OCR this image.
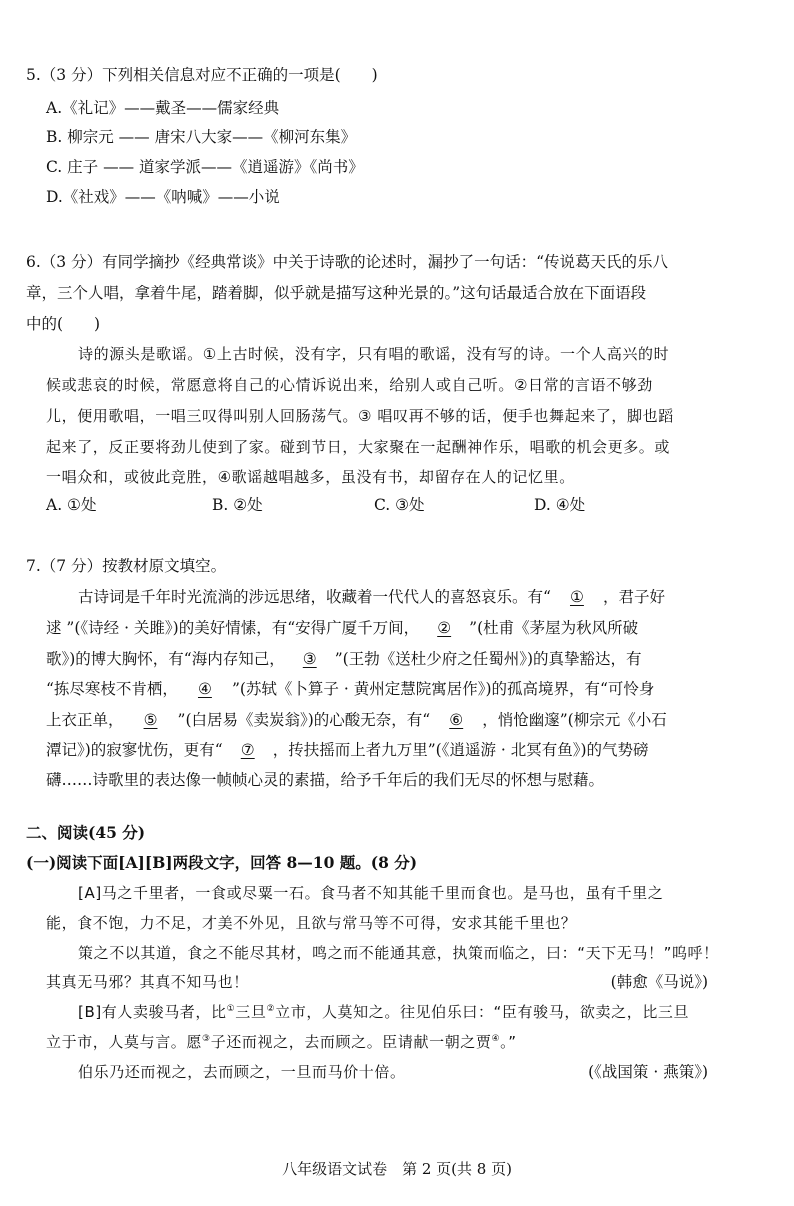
5.（3 分）下列相关信息对应不正确的一项是(　　)
A.《礼记》——戴圣——儒家经典
B. 柳宗元 —— 唐宋八大家——《柳河东集》
C. 庄子 —— 道家学派——《逍遥游》《尚书》
D.《社戏》——《呐喊》——小说
6.（3 分）有同学摘抄《经典常谈》中关于诗歌的论述时，漏抄了一句话：“传说葛天氏的乐八
章，三个人唱，拿着牛尾，踏着脚，似乎就是描写这种光景的。”这句话最适合放在下面语段
中的(　　)
诗的源头是歌谣。①上古时候，没有字，只有唱的歌谣，没有写的诗。一个人高兴的时
候或悲哀的时候，常愿意将自己的心情诉说出来，给别人或自己听。②日常的言语不够劲
儿，便用歌唱，一唱三叹得叫别人回肠荡气。③ 唱叹再不够的话，便手也舞起来了，脚也蹈
起来了，反正要将劲儿使到了家。碰到节日，大家聚在一起酬神作乐，唱歌的机会更多。或
一唱众和，或彼此竞胜，④歌谣越唱越多，虽没有书，却留存在人的记忆里。
A. ①处	B. ②处	C. ③处	D. ④处
7.（7 分）按教材原文填空。
古诗词是千年时光流淌的涉远思绪，收藏着一代代人的喜怒哀乐。有“ ① ，君子好
逑 ”(《诗经 · 关雎》)的美好情愫，有“安得广厦千万间， ② ”(杜甫《茅屋为秋风所破
歌》)的博大胸怀，有“海内存知己， ③ ”(王勃《送杜少府之任蜀州》)的真挚豁达，有
“拣尽寒枝不肯栖， ④ ”(苏轼《卜算子 · 黄州定慧院寓居作》)的孤高境界，有“可怜身
上衣正单， ⑤ ”(白居易《卖炭翁》)的心酸无奈，有“ ⑥ ，悄怆幽邃”(柳宗元《小石
潭记》)的寂寥忧伤，更有“ ⑦ ，抟扶摇而上者九万里”(《逍遥游 · 北冥有鱼》)的气势磅
礴……诗歌里的表达像一帧帧心灵的素描，给予千年后的我们无尽的怀想与慰藉。
二、阅读(45 分)
(一)阅读下面[A][B]两段文字，回答 8—10 题。(8 分)
[A]马之千里者，一食或尽粟一石。食马者不知其能千里而食也。是马也，虽有千里之
能，食不饱，力不足，才美不外见，且欲与常马等不可得，安求其能千里也？
策之不以其道，食之不能尽其材，鸣之而不能通其意，执策而临之，曰：“天下无马！”呜呼！
其真无马邪？其真不知马也！	(韩愈《马说》)
[B]有人卖骏马者，比①三旦②立市，人莫知之。往见伯乐曰：“臣有骏马，欲卖之，比三旦
立于市，人莫与言。愿③子还而视之，去而顾之。臣请献一朝之贾④。”
伯乐乃还而视之，去而顾之，一旦而马价十倍。	(《战国策 · 燕策》)
八年级语文试卷　第 2 页(共 8 页)
